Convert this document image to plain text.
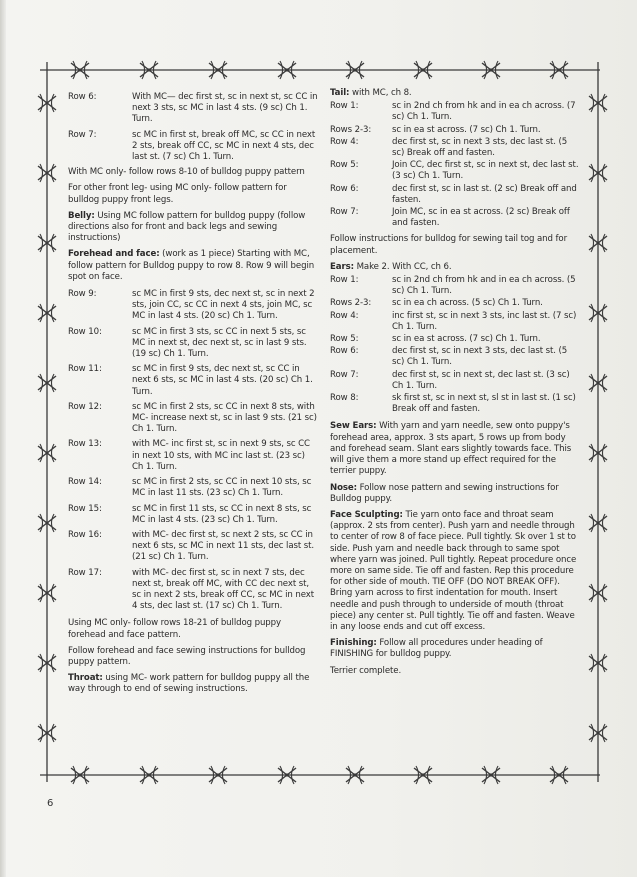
Row 6:	With MC— dec first st, sc in next st, sc CC in next 3 sts, sc MC in last 4 sts. (9 sc) Ch 1. Turn.
Row 7:	sc MC in first st, break off MC, sc CC in next 2 sts, break off CC, sc MC in next 4 sts, dec last st. (7 sc) Ch 1. Turn.

With MC only- follow rows 8-10 of bulldog puppy pattern

For other front leg- using MC only- follow pattern for bulldog puppy front legs.

Belly: Using MC follow pattern for bulldog puppy (follow directions also for front and back legs and sewing instructions)

Forehead and face: (work as 1 piece) Starting with MC, follow pattern for Bulldog puppy to row 8. Row 9 will begin spot on face.

Row 9:	sc MC in first 9 sts, dec next st, sc in next 2 sts, join CC, sc CC in next 4 sts, join MC, sc MC in last 4 sts. (20 sc) Ch 1. Turn.
Row 10:	sc MC in first 3 sts, sc CC in next 5 sts, sc MC in next st, dec next st, sc in last 9 sts. (19 sc) Ch 1. Turn.
Row 11:	sc MC in first 9 sts, dec next st, sc CC in next 6 sts, sc MC in last 4 sts. (20 sc) Ch 1. Turn.
Row 12:	sc MC in first 2 sts, sc CC in next 8 sts, with MC- increase next st, sc in last 9 sts. (21 sc) Ch 1. Turn.
Row 13:	with MC- inc first st, sc in next 9 sts, sc CC in next 10 sts, with MC inc last st. (23 sc) Ch 1. Turn.
Row 14:	sc MC in first 2 sts, sc CC in next 10 sts, sc MC in last 11 sts. (23 sc) Ch 1. Turn.
Row 15:	sc MC in first 11 sts, sc CC in next 8 sts, sc MC in last 4 sts. (23 sc) Ch 1. Turn.
Row 16:	with MC- dec first st, sc next 2 sts, sc CC in next 6 sts, sc MC in next 11 sts, dec last st. (21 sc) Ch 1. Turn.
Row 17:	with MC- dec first st, sc in next 7 sts, dec next st, break off MC, with CC dec next st, sc in next 2 sts, break off CC, sc MC in next 4 sts, dec last st. (17 sc) Ch 1. Turn.

Using MC only- follow rows 18-21 of bulldog puppy forehead and face pattern.

Follow forehead and face sewing instructions for bulldog puppy pattern.

Throat: using MC- work pattern for bulldog puppy all the way through to end of sewing instructions.

Tail: with MC, ch 8.

Row 1:	sc in 2nd ch from hk and in ea ch across. (7 sc) Ch 1. Turn.
Rows 2-3:	sc in ea st across. (7 sc) Ch 1. Turn.
Row 4:	dec first st, sc in next 3 sts, dec last st. (5 sc) Break off and fasten.
Row 5:	Join CC, dec first st, sc in next st, dec last st. (3 sc) Ch 1. Turn.
Row 6:	dec first st, sc in last st. (2 sc) Break off and fasten.
Row 7:	Join MC, sc in ea st across. (2 sc) Break off and fasten.

Follow instructions for bulldog for sewing tail tog and for placement.

Ears: Make 2. With CC, ch 6.

Row 1:	sc in 2nd ch from hk and in ea ch across. (5 sc) Ch 1. Turn.
Rows 2-3:	sc in ea ch across. (5 sc) Ch 1. Turn.
Row 4:	inc first st, sc in next 3 sts, inc last st. (7 sc) Ch 1. Turn.
Row 5:	sc in ea st across. (7 sc) Ch 1. Turn.
Row 6:	dec first st, sc in next 3 sts, dec last st. (5 sc) Ch 1. Turn.
Row 7:	dec first st, sc in next st, dec last st. (3 sc) Ch 1. Turn.
Row 8:	sk first st, sc in next st, sl st in last st. (1 sc) Break off and fasten.

Sew Ears: With yarn and yarn needle, sew onto puppy's forehead area, approx. 3 sts apart, 5 rows up from body and forehead seam. Slant ears slightly towards face. This will give them a more stand up effect required for the terrier puppy.

Nose: Follow nose pattern and sewing instructions for Bulldog puppy.

Face Sculpting: Tie yarn onto face and throat seam (approx. 2 sts from center). Push yarn and needle through to center of row 8 of face piece. Pull tightly. Sk over 1 st to side. Push yarn and needle back through to same spot where yarn was joined. Pull tightly. Repeat procedure once more on same side. Tie off and fasten. Rep this procedure for other side of mouth. TIE OFF (DO NOT BREAK OFF). Bring yarn across to first indentation for mouth. Insert needle and push through to underside of mouth (throat piece) any center st. Pull tightly. Tie off and fasten. Weave in any loose ends and cut off excess.

Finishing: Follow all procedures under heading of FINISHING for bulldog puppy.

Terrier complete.

6
